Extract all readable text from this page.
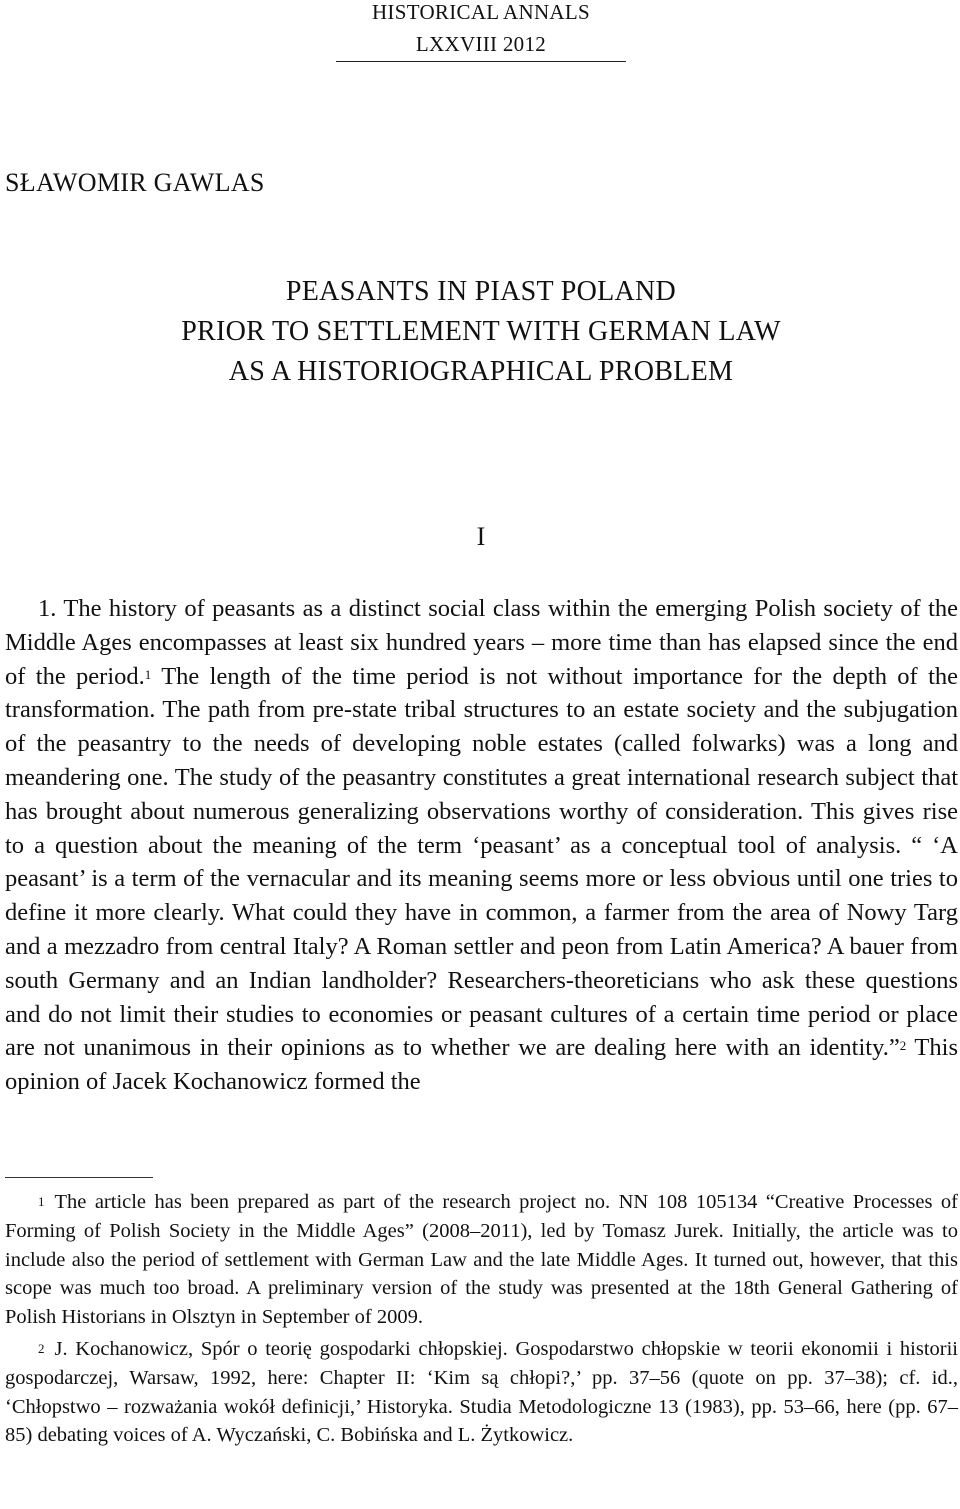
HISTORICAL ANNALS
LXXVIII 2012
SŁAWOMIR GAWLAS
PEASANTS IN PIAST POLAND
PRIOR TO SETTLEMENT WITH GERMAN LAW
AS A HISTORIOGRAPHICAL PROBLEM
I

1. The history of peasants as a distinct social class within the emerging Polish society of the Middle Ages encompasses at least six hundred years – more time than has elapsed since the end of the period.$^1$ The length of the time period is not without importance for the depth of the transformation. The path from pre-state tribal structures to an estate society and the subjugation of the peasantry to the needs of developing noble estates (called folwarks) was a long and meandering one. The study of the peasantry constitutes a great international research subject that has brought about numerous generalizing observations worthy of consideration. This gives rise to a question about the meaning of the term ‘peasant’ as a conceptual tool of analysis. “ ‘A peasant’ is a term of the vernacular and its meaning seems more or less obvious until one tries to define it more clearly. What could they have in common, a farmer from the area of Nowy Targ and a mezzadro from central Italy? A Roman settler and peon from Latin America? A bauer from south Germany and an Indian landholder? Researchers-theoreticians who ask these questions and do not limit their studies to economies or peasant cultures of a certain time period or place are not unanimous in their opinions as to whether we are dealing here with an identity.”$^2$ This opinion of Jacek Kochanowicz formed the

$^1$ The article has been prepared as part of the research project no. NN 108 105134 “Creative Processes of Forming of Polish Society in the Middle Ages” (2008–2011), led by Tomasz Jurek. Initially, the article was to include also the period of settlement with German Law and the late Middle Ages. It turned out, however, that this scope was much too broad. A preliminary version of the study was presented at the 18th General Gathering of Polish Historians in Olsztyn in September of 2009.

$^2$ J. Kochanowicz, Spór o teorię gospodarki chłopskiej. Gospodarstwo chłopskie w teorii ekonomii i historii gospodarczej, Warsaw, 1992, here: Chapter II: ‘Kim są chłopi?,’ pp. 37–56 (quote on pp. 37–38); cf. id., ‘Chłopstwo – rozważania wokół definicji,’ Historyka. Studia Metodologiczne 13 (1983), pp. 53–66, here (pp. 67–85) debating voices of A. Wyczański, C. Bobińska and L. Żytkowicz.
